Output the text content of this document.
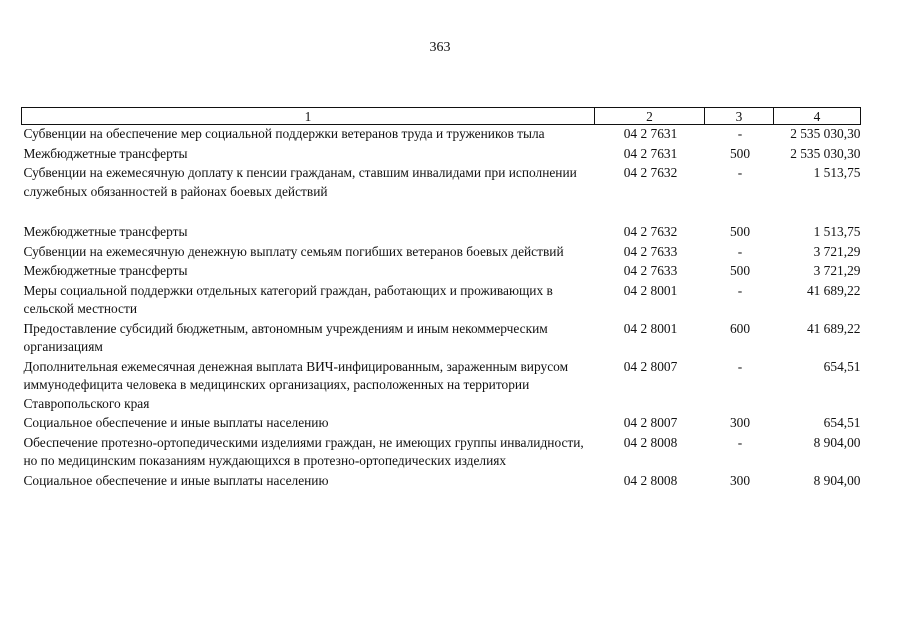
363
1	2	3	4
Субвенции на обеспечение мер социальной поддержки ветеранов труда и тружеников тыла	04 2 7631	-	2 535 030,30
Межбюджетные трансферты	04 2 7631	500	2 535 030,30
Субвенции на ежемесячную доплату к пенсии гражданам, ставшим инвалидами при исполнении служебных обязанностей в районах боевых действий	04 2 7632	-	1 513,75

Межбюджетные трансферты	04 2 7632	500	1 513,75
Субвенции на ежемесячную денежную выплату семьям погибших ветеранов боевых действий	04 2 7633	-	3 721,29
Межбюджетные трансферты	04 2 7633	500	3 721,29
Меры социальной поддержки отдельных категорий граждан, работающих и проживающих в сельской местности	04 2 8001	-	41 689,22
Предоставление субсидий бюджетным, автономным учреждениям и иным некоммерческим организациям	04 2 8001	600	41 689,22
Дополнительная ежемесячная денежная выплата ВИЧ-инфицированным, зараженным вирусом иммунодефицита человека в медицинских организациях, расположенных на территории Ставропольского края	04 2 8007	-	654,51
Социальное обеспечение и иные выплаты населению	04 2 8007	300	654,51
Обеспечение протезно-ортопедическими изделиями граждан, не имеющих группы инвалидности, но по медицинским показаниям нуждающихся в протезно-ортопедических изделиях	04 2 8008	-	8 904,00
Социальное обеспечение и иные выплаты населению	04 2 8008	300	8 904,00
